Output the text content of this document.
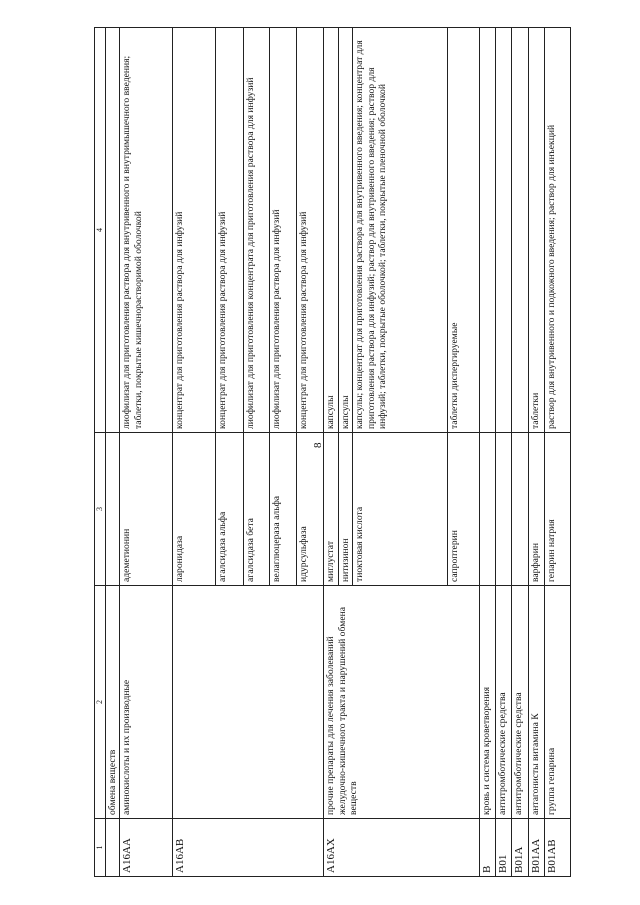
8
1	2	3	4
	обмена веществ		
A16AA	аминокислоты и их производные	адеметионин	лиофилизат для приготовления раствора для внутривенного и внутримышечного введения; таблетки, покрытые кишечнорастворимой оболочкой
A16AB		ларонидаза	концентрат для приготовления раствора для инфузий
		агалсидаза альфа	концентрат для приготовления раствора для инфузий
		агалсидаза бета	лиофилизат для приготовления концентрата для приготовления раствора для инфузий
		велаглюцераза альфа	лиофилизат для приготовления раствора для инфузий
		идурсульфаза	концентрат для приготовления раствора для инфузий
A16AX	прочие препараты для лечения заболеваний желудочно-кишечного тракта и нарушений обмена веществ	миглустат	капсулы
		нитизинон	капсулы
		тиоктовая кислота	капсулы; концентрат для приготовления раствора для внутривенного введения; концентрат для приготовления раствора для инфузий; раствор для внутривенного введения; раствор для инфузий; таблетки, покрытые оболочкой; таблетки, покрытые пленочной оболочкой
		сапроптерин	таблетки диспергируемые
B	кровь и система кроветворения		
B01	антитромботические средства		
B01A	антитромботические средства		
B01AA	антагонисты витамина К	варфарин	таблетки
B01AB	группа гепарина	гепарин натрия	раствор для внутривенного и подкожного введения; раствор для инъекций
